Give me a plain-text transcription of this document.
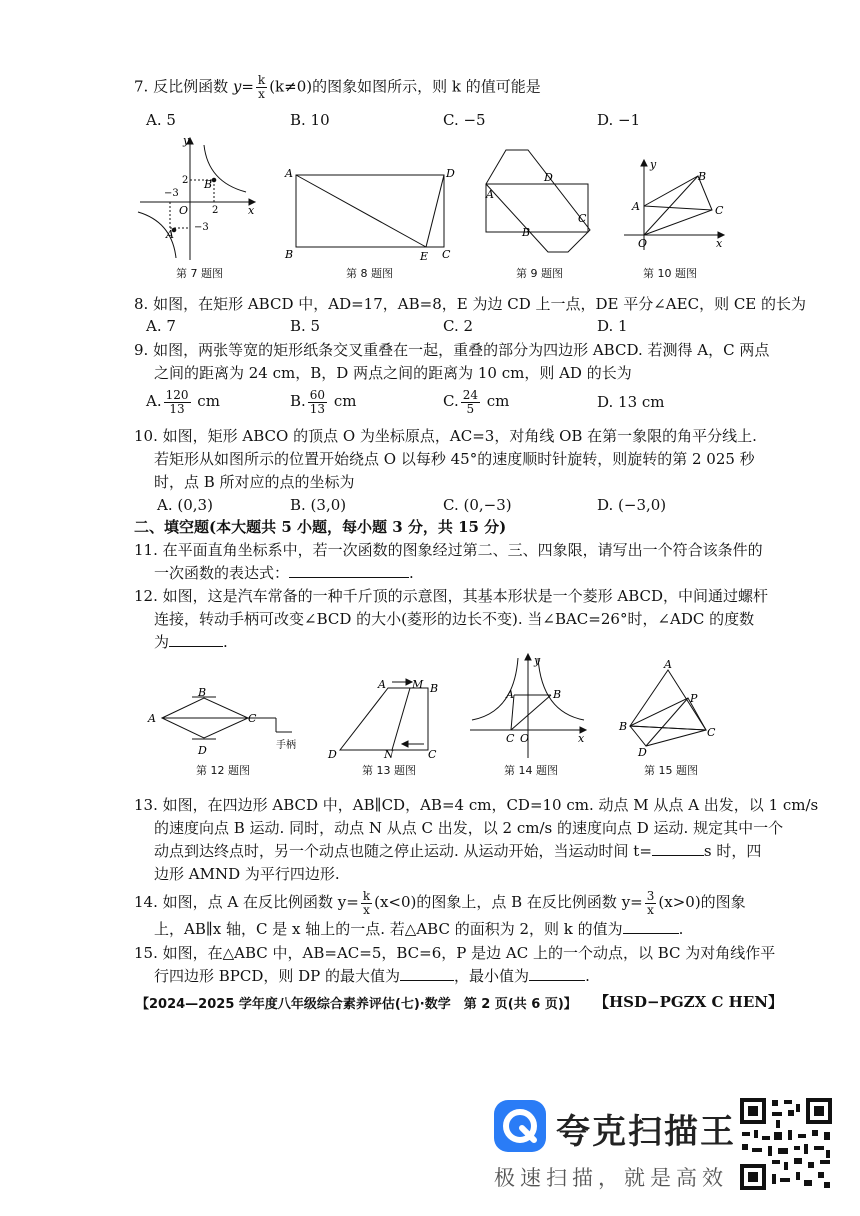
7. 反比例函数 $y= \frac{k}{x} (k\ne 0)$的图象如图所示，则 k 的值可能是
A. 5	B. 10	C. −5	D. −1
y
x
O
B
A
2
2
−3
−3
A	D
B	E C
D
A
B
C
y
B
A	C
O	x
第 7 题图	第 8 题图	第 9 题图	第 10 题图
8. 如图，在矩形 ABCD 中，AD=17，AB=8，E 为边 CD 上一点，DE 平分∠AEC，则 CE 的长为
A. 7	B. 5	C. 2	D. 1
9. 如图，两张等宽的矩形纸条交叉重叠在一起，重叠的部分为四边形 ABCD. 若测得 A，C 两点
之间的距离为 24 cm，B，D 两点之间的距离为 10 cm，则 AD 的长为
A. $\frac{120}{13}$ cm	B. $\frac{60}{13}$ cm	C. $\frac{24}{5}$ cm	D. 13 cm
10. 如图，矩形 ABCO 的顶点 O 为坐标原点，AC=3，对角线 OB 在第一象限的角平分线上.
若矩形从如图所示的位置开始绕点 O 以每秒 45°的速度顺时针旋转，则旋转的第 2 025 秒
时，点 B 所对应的点的坐标为
A. (0,3)	B. (3,0)	C. (0,−3)	D. (−3,0)
二、填空题(本大题共 5 小题，每小题 3 分，共 15 分)
11. 在平面直角坐标系中，若一次函数的图象经过第二、三、四象限，请写出一个符合该条件的
一次函数的表达式：	.
12. 如图，这是汽车常备的一种千斤顶的示意图，其基本形状是一个菱形 ABCD，中间通过螺杆
连接，转动手柄可改变∠BCD 的大小(菱形的边长不变). 当∠BAC=26°时，∠ADC 的度数
为	.
B
A	C
D	手柄
A M B
D	N	C
y
A	B
C O	x
A
P
B	C
D
第 12 题图	第 13 题图	第 14 题图	第 15 题图
13. 如图，在四边形 ABCD 中，AB∥CD，AB=4 cm，CD=10 cm. 动点 M 从点 A 出发，以 1 cm/s
的速度向点 B 运动. 同时，动点 N 从点 C 出发，以 2 cm/s 的速度向点 D 运动. 规定其中一个
动点到达终点时，另一个动点也随之停止运动. 从运动开始，当运动时间 t=	s 时，四
边形 AMND 为平行四边形.
14. 如图，点 A 在反比例函数 $y= \frac{k}{x} (x<0)$的图象上，点 B 在反比例函数 $y= \frac{3}{x} (x>0)$的图象
上，AB∥x 轴，C 是 x 轴上的一点. 若△ABC 的面积为 2，则 k 的值为	.
15. 如图，在△ABC 中，AB=AC=5，BC=6，P 是边 AC 上的一个动点，以 BC 为对角线作平
行四边形 BPCD，则 DP 的最大值为	，最小值为	.
【2024—2025 学年度八年级综合素养评估(七)·数学　第 2 页(共 6 页)】 【HSD−PGZX C HEN】
夸克扫描王
极速扫描，就是高效
